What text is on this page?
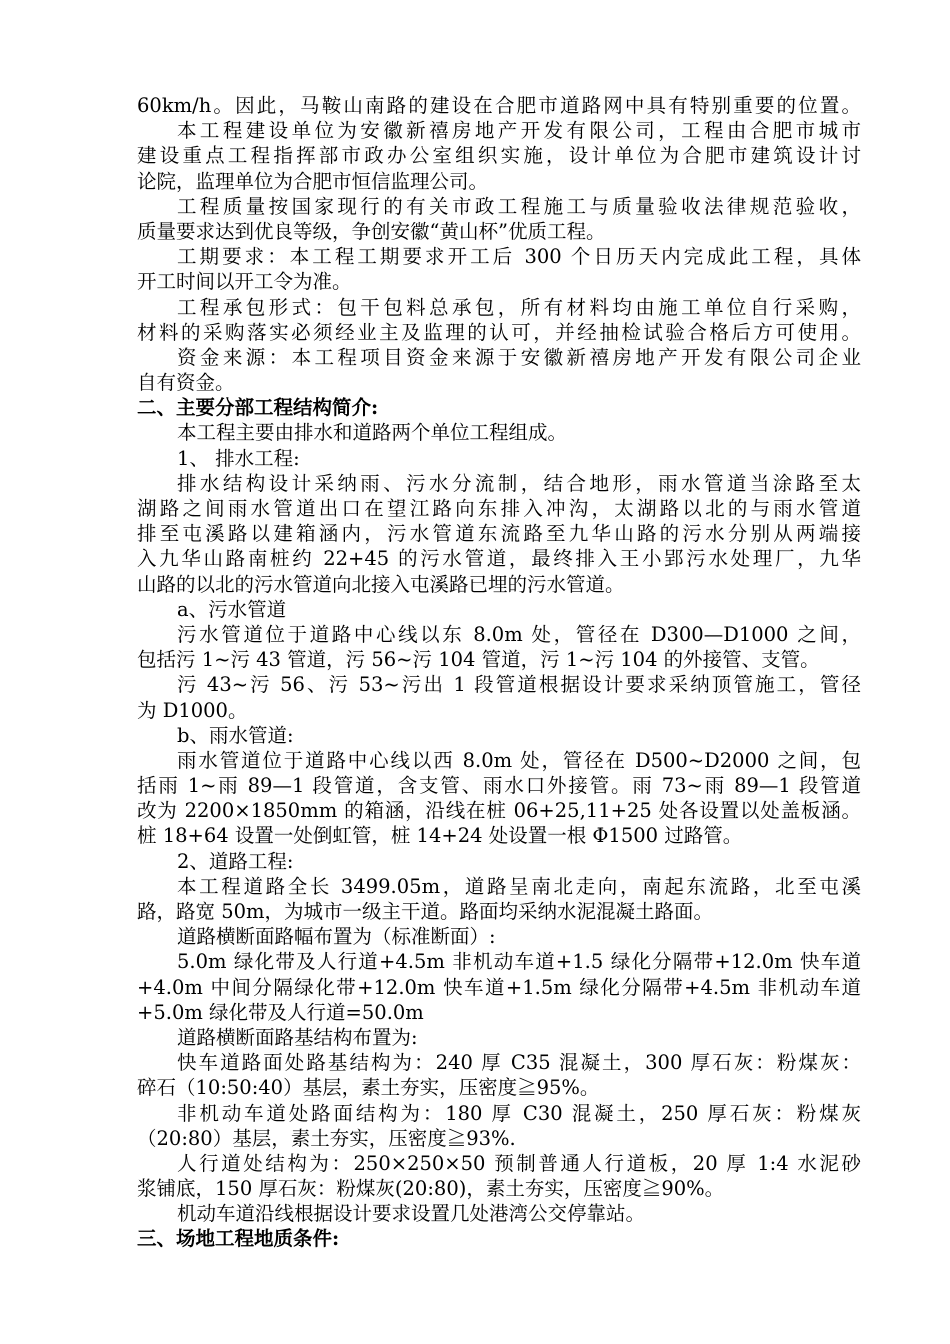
60km/h。因此，马鞍山南路的建设在合肥市道路网中具有特别重要的位置。
本工程建设单位为安徽新禧房地产开发有限公司，工程由合肥市城市
建设重点工程指挥部市政办公室组织实施，设计单位为合肥市建筑设计讨
论院，监理单位为合肥市恒信监理公司。
工程质量按国家现行的有关市政工程施工与质量验收法律规范验收，
质量要求达到优良等级，争创安徽“黄山杯”优质工程。
工期要求：本工程工期要求开工后 300 个日历天内完成此工程，具体
开工时间以开工令为准。
工程承包形式：包干包料总承包，所有材料均由施工单位自行采购，
材料的采购落实必须经业主及监理的认可，并经抽检试验合格后方可使用。
资金来源：本工程项目资金来源于安徽新禧房地产开发有限公司企业
自有资金。
二、主要分部工程结构简介:
本工程主要由排水和道路两个单位工程组成。
1、 排水工程:
排水结构设计采纳雨、污水分流制，结合地形，雨水管道当涂路至太
湖路之间雨水管道出口在望江路向东排入冲沟，太湖路以北的与雨水管道
排至屯溪路以建箱涵内，污水管道东流路至九华山路的污水分别从两端接
入九华山路南桩约 22+45 的污水管道，最终排入王小郢污水处理厂，九华
山路的以北的污水管道向北接入屯溪路已埋的污水管道。
a、污水管道
污水管道位于道路中心线以东 8.0m 处，管径在 D300—D1000 之间，
包括污 1~污 43 管道，污 56~污 104 管道，污 1~污 104 的外接管、支管。
污 43~污 56、污 53~污出 1 段管道根据设计要求采纳顶管施工，管径
为 D1000。
b、雨水管道:
雨水管道位于道路中心线以西 8.0m 处，管径在 D500~D2000 之间，包
括雨 1~雨 89—1 段管道，含支管、雨水口外接管。雨 73~雨 89—1 段管道
改为 2200×1850mm 的箱涵，沿线在桩 06+25,11+25 处各设置以处盖板涵。
桩 18+64 设置一处倒虹管，桩 14+24 处设置一根 Φ1500 过路管。
2、道路工程:
本工程道路全长 3499.05m，道路呈南北走向，南起东流路，北至屯溪
路，路宽 50m，为城市一级主干道。路面均采纳水泥混凝土路面。
道路横断面路幅布置为（标准断面）:
5.0m 绿化带及人行道+4.5m 非机动车道+1.5 绿化分隔带+12.0m 快车道
+4.0m 中间分隔绿化带+12.0m 快车道+1.5m 绿化分隔带+4.5m 非机动车道
+5.0m 绿化带及人行道=50.0m
道路横断面路基结构布置为:
快车道路面处路基结构为：240 厚 C35 混凝土，300 厚石灰：粉煤灰：
碎石（10:50:40）基层，素土夯实，压密度≧95%。
非机动车道处路面结构为：180 厚 C30 混凝土，250 厚石灰：粉煤灰
（20:80）基层，素土夯实，压密度≧93%.
人行道处结构为：250×250×50 预制普通人行道板，20 厚 1:4 水泥砂
浆铺底，150 厚石灰：粉煤灰(20:80)，素土夯实，压密度≧90%。
机动车道沿线根据设计要求设置几处港湾公交停靠站。
三、场地工程地质条件:
